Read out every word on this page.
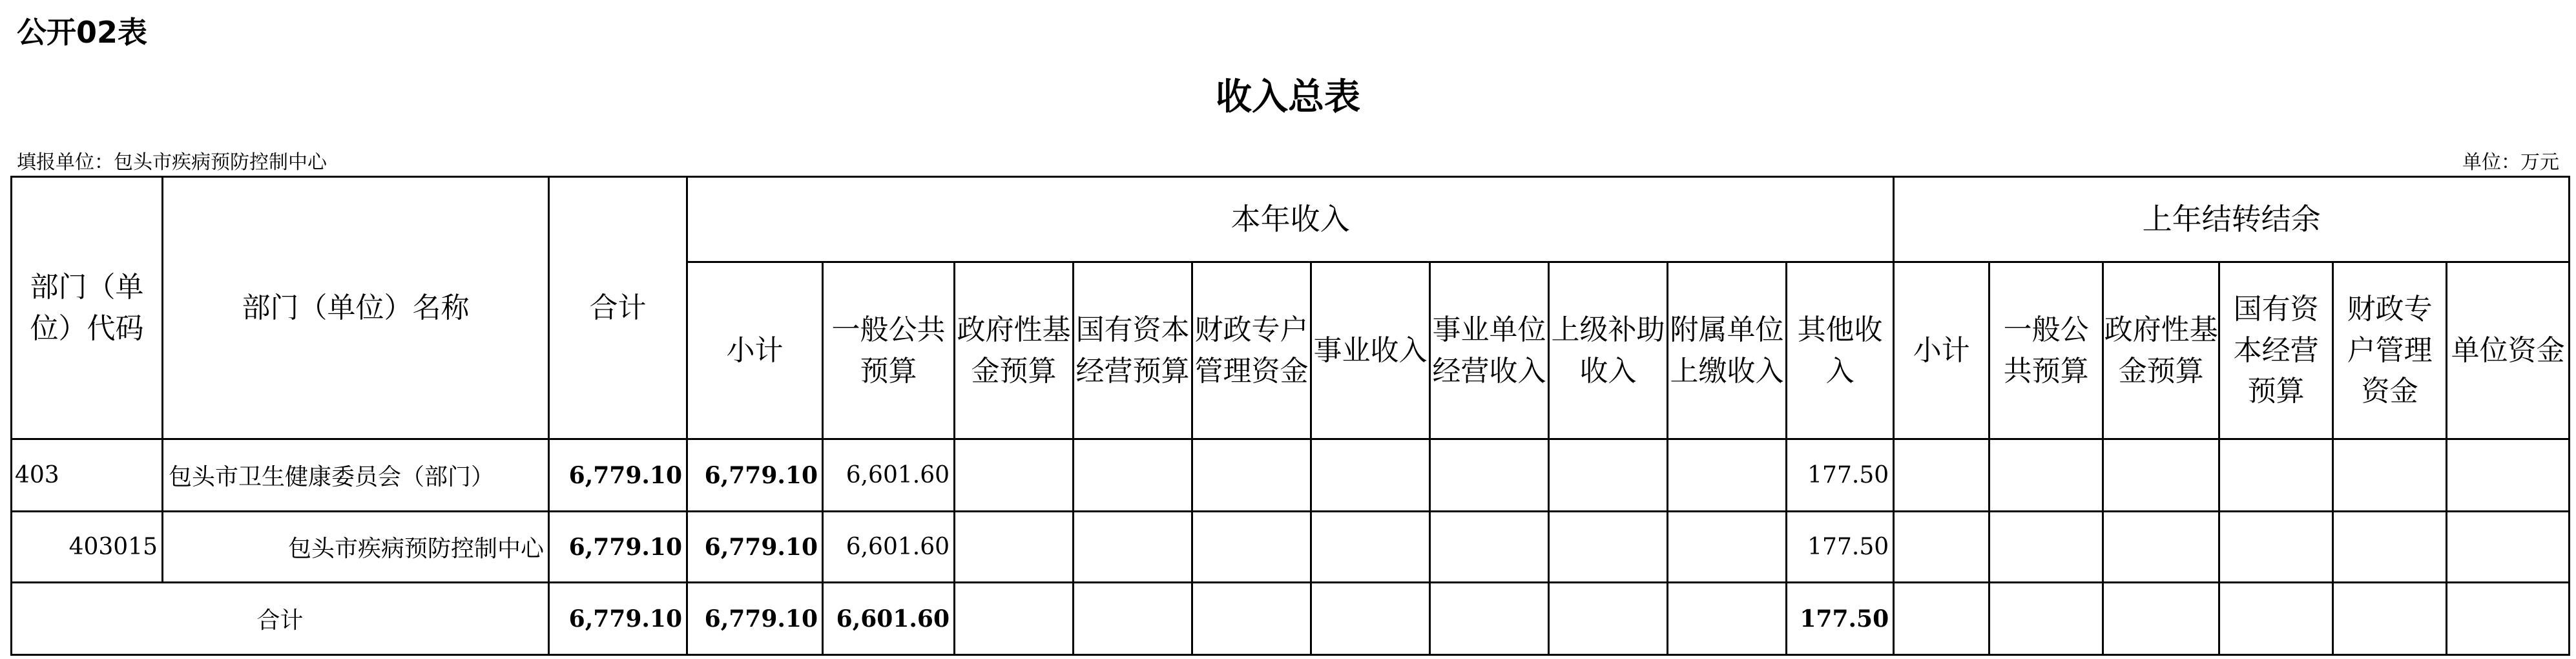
公开02表
收入总表
填报单位：包头市疾病预防控制中心	单位：万元
部门（单位）代码	部门（单位）名称	合计	本年收入										上年结转结余					
			小计	一般公共预算	政府性基金预算	国有资本经营预算	财政专户管理资金	事业收入	事业单位经营收入	上级补助收入	附属单位上缴收入	其他收入	小计	一般公共预算	政府性基金预算	国有资本经营预算	财政专户管理资金	单位资金
403	包头市卫生健康委员会（部门）	6,779.10	6,779.10	6,601.60								177.50						
403015	包头市疾病预防控制中心	6,779.10	6,779.10	6,601.60								177.50						
合计		6,779.10	6,779.10	6,601.60								177.50						
